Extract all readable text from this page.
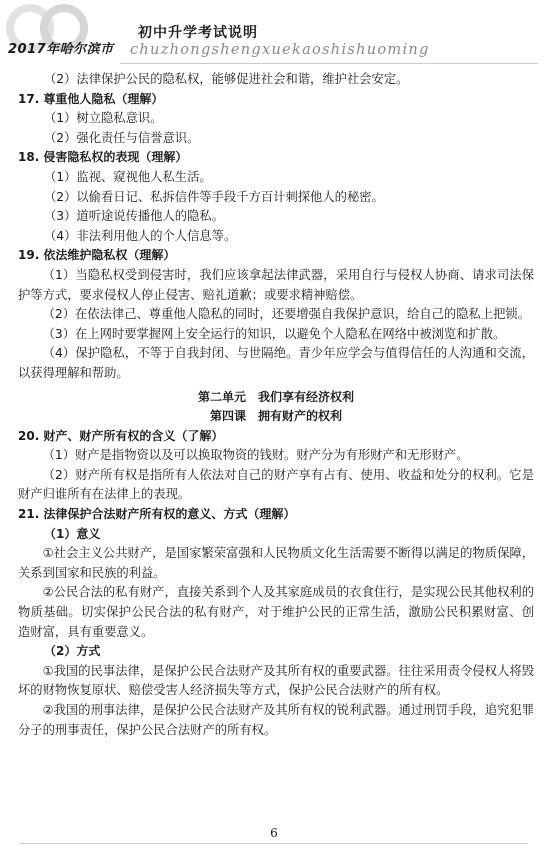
2017年哈尔滨市
初中升学考试说明
chuzhongshengxuekaoshishuoming
（2）法律保护公民的隐私权，能够促进社会和谐，维护社会安定。
17. 尊重他人隐私（理解）
（1）树立隐私意识。
（2）强化责任与信誉意识。
18. 侵害隐私权的表现（理解）
（1）监视、窥视他人私生活。
（2）以偷看日记、私拆信件等手段千方百计刺探他人的秘密。
（3）道听途说传播他人的隐私。
（4）非法利用他人的个人信息等。
19. 依法维护隐私权（理解）
（1）当隐私权受到侵害时，我们应该拿起法律武器，采用自行与侵权人协商、请求司法保护等方式，要求侵权人停止侵害、赔礼道歉；或要求精神赔偿。
（2）在依法律己、尊重他人隐私的同时，还要增强自我保护意识，给自己的隐私上把锁。
（3）在上网时要掌握网上安全运行的知识，以避免个人隐私在网络中被浏览和扩散。
（4）保护隐私，不等于自我封闭、与世隔绝。青少年应学会与值得信任的人沟通和交流，以获得理解和帮助。
第二单元　我们享有经济权利
第四课　拥有财产的权利
20. 财产、财产所有权的含义（了解）
（1）财产是指物资以及可以换取物资的钱财。财产分为有形财产和无形财产。
（2）财产所有权是指所有人依法对自己的财产享有占有、使用、收益和处分的权利。它是财产归谁所有在法律上的表现。
21. 法律保护合法财产所有权的意义、方式（理解）
（1）意义
①社会主义公共财产，是国家繁荣富强和人民物质文化生活需要不断得以满足的物质保障，关系到国家和民族的利益。
②公民合法的私有财产，直接关系到个人及其家庭成员的衣食住行，是实现公民其他权利的物质基础。切实保护公民合法的私有财产，对于维护公民的正常生活，激励公民积累财富、创造财富，具有重要意义。
（2）方式
①我国的民事法律，是保护公民合法财产及其所有权的重要武器。往往采用责令侵权人将毁坏的财物恢复原状、赔偿受害人经济损失等方式，保护公民合法财产的所有权。
②我国的刑事法律，是保护公民合法财产及其所有权的锐利武器。通过刑罚手段，追究犯罪分子的刑事责任，保护公民合法财产的所有权。
6
